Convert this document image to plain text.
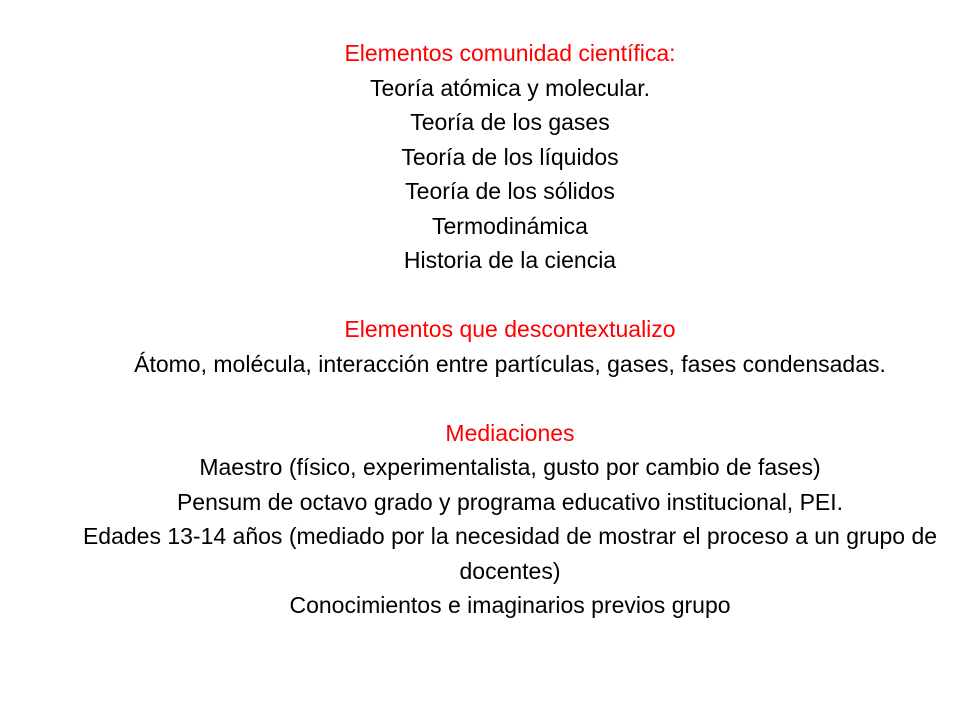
Elementos comunidad científica:
Teoría atómica y molecular.
Teoría de los gases
Teoría de los líquidos
Teoría de los sólidos
Termodinámica
Historia de la ciencia
Elementos que descontextualizo
Átomo, molécula, interacción entre partículas, gases, fases condensadas.
Mediaciones
Maestro (físico, experimentalista, gusto por cambio de fases)
Pensum de octavo grado y programa educativo institucional, PEI.
Edades 13-14 años (mediado por la necesidad de mostrar el proceso a un grupo de docentes)
Conocimientos e imaginarios previos grupo
